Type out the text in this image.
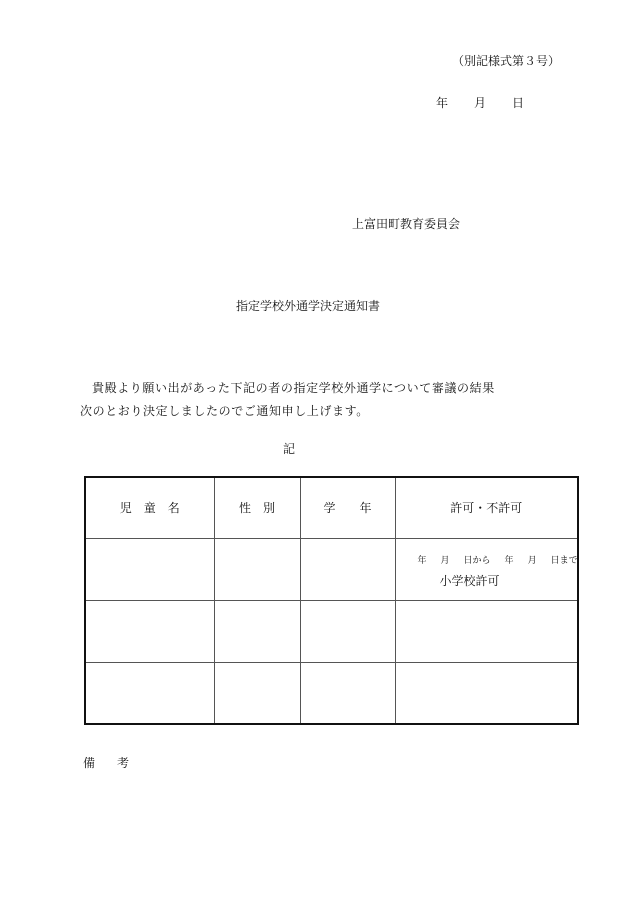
（別記様式第３号）
年 月 日
上富田町教育委員会
指定学校外通学決定通知書
貴殿より願い出があった下記の者の指定学校外通学について審議の結果
次のとおり決定しましたのでご通知申し上げます。
記
児　童　名	性　別	学　　年	許可・不許可

			年 月 日から 年 月 日まで
小学校許可

備 考
